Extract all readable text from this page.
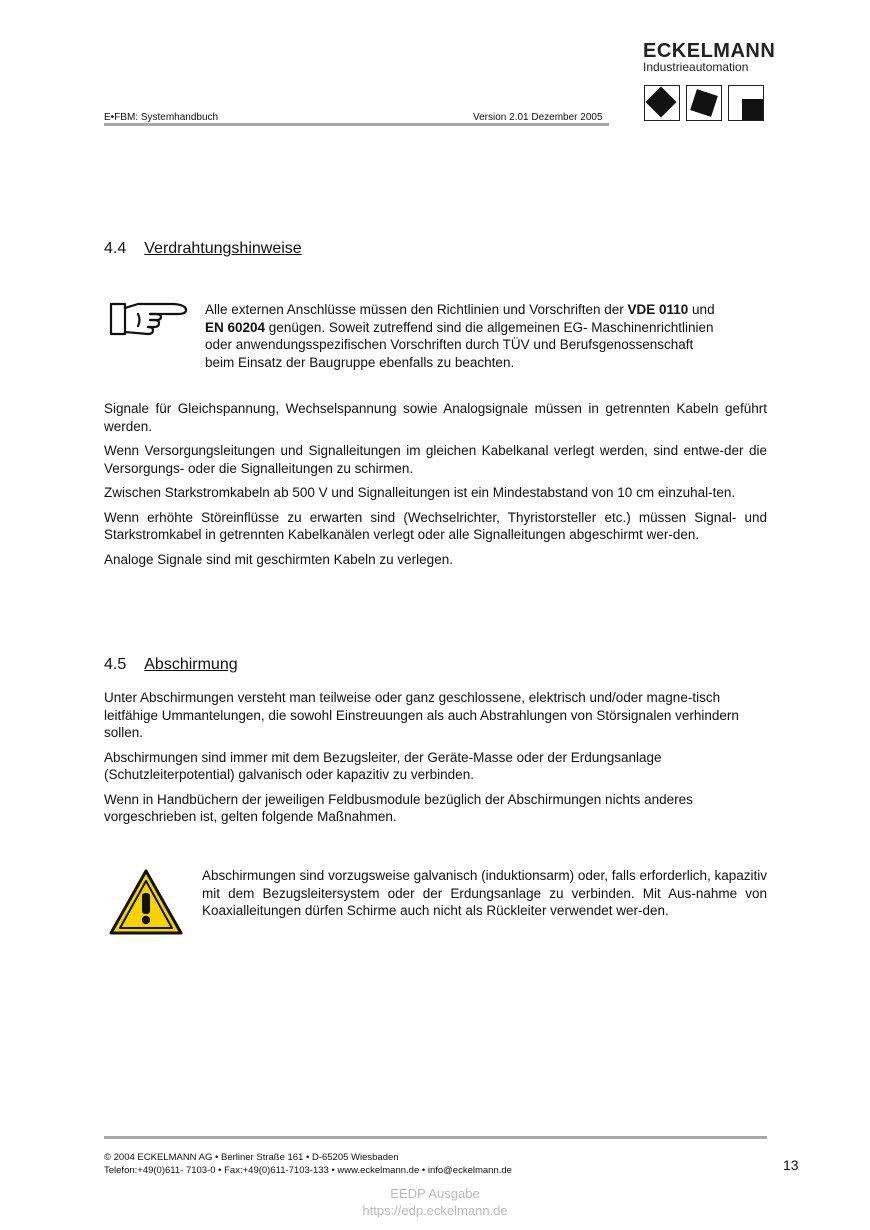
E•FBM: Systemhandbuch	Version 2.01 Dezember 2005
ECKELMANN
Industrieautomation
4.4 Verdrahtungshinweise
Alle externen Anschlüsse müssen den Richtlinien und Vorschriften der VDE 0110 und
EN 60204 genügen. Soweit zutreffend sind die allgemeinen EG- Maschinenrichtlinien
oder anwendungsspezifischen Vorschriften durch TÜV und Berufsgenossenschaft
beim Einsatz der Baugruppe ebenfalls zu beachten.

Signale für Gleichspannung, Wechselspannung sowie Analogsignale müssen in getrennten Kabeln geführt werden.

Wenn Versorgungsleitungen und Signalleitungen im gleichen Kabelkanal verlegt werden, sind entwe-der die Versorgungs- oder die Signalleitungen zu schirmen.

Zwischen Starkstromkabeln ab 500 V und Signalleitungen ist ein Mindestabstand von 10 cm einzuhal-ten.

Wenn erhöhte Störeinflüsse zu erwarten sind (Wechselrichter, Thyristorsteller etc.) müssen Signal- und Starkstromkabel in getrennten Kabelkanälen verlegt oder alle Signalleitungen abgeschirmt wer-den.

Analoge Signale sind mit geschirmten Kabeln zu verlegen.

4.5 Abschirmung

Unter Abschirmungen versteht man teilweise oder ganz geschlossene, elektrisch und/oder magne-tisch leitfähige Ummantelungen, die sowohl Einstreuungen als auch Abstrahlungen von Störsignalen verhindern sollen.

Abschirmungen sind immer mit dem Bezugsleiter, der Geräte-Masse oder der Erdungsanlage (Schutzleiterpotential) galvanisch oder kapazitiv zu verbinden.

Wenn in Handbüchern der jeweiligen Feldbusmodule bezüglich der Abschirmungen nichts anderes vorgeschrieben ist, gelten folgende Maßnahmen.

Abschirmungen sind vorzugsweise galvanisch (induktionsarm) oder, falls erforderlich, kapazitiv mit dem Bezugsleitersystem oder der Erdungsanlage zu verbinden. Mit Aus-nahme von Koaxialleitungen dürfen Schirme auch nicht als Rückleiter verwendet wer-den.
© 2004 ECKELMANN AG • Berliner Straße 161 • D-65205 Wiesbaden
Telefon:+49(0)611- 7103-0 • Fax:+49(0)611-7103-133 • www.eckelmann.de • info@eckelmann.de	13
EEDP Ausgabe
https://edp.eckelmann.de
